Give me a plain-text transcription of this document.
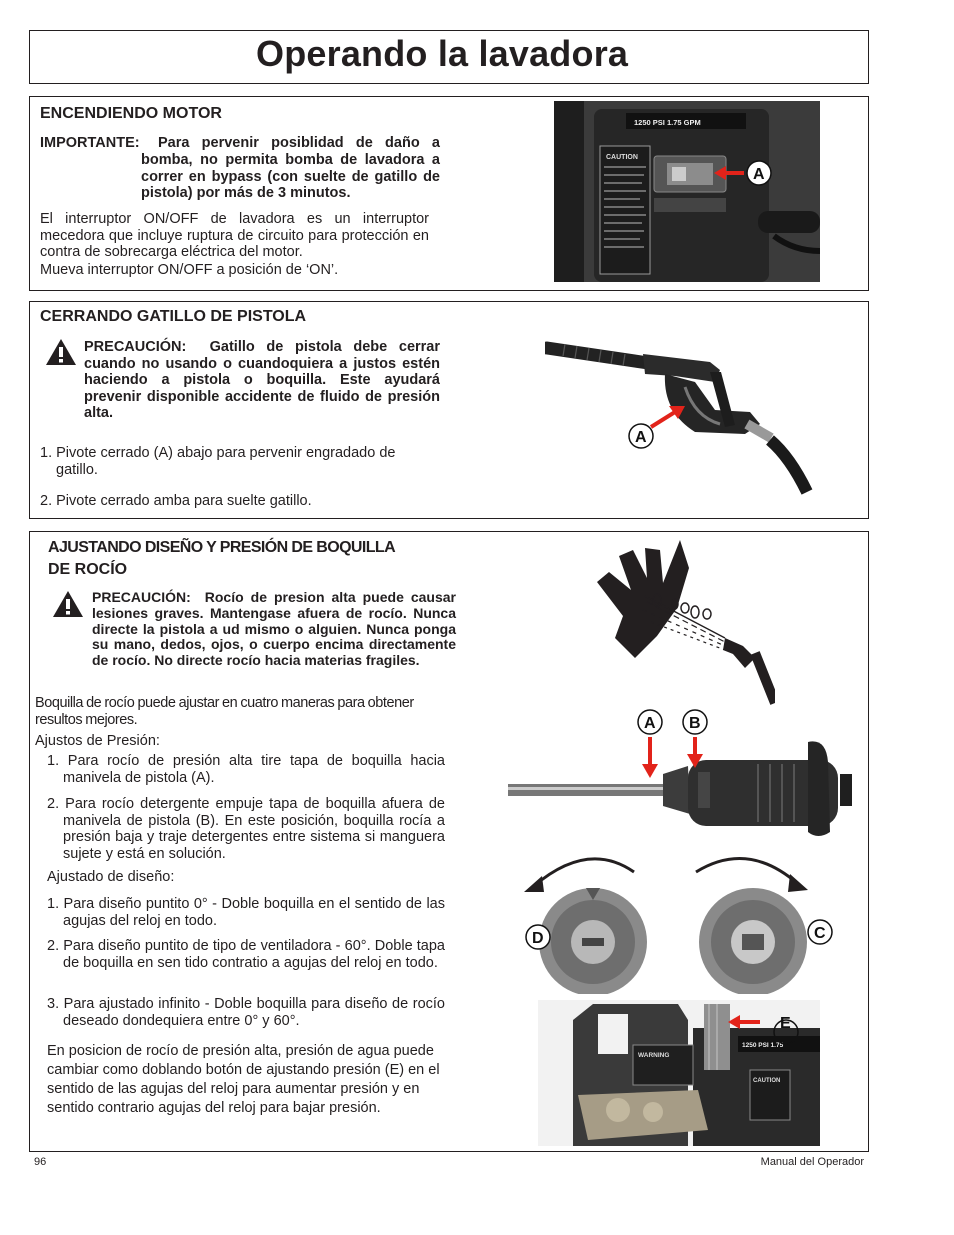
Operando la lavadora
ENCENDIENDO MOTOR
IMPORTANTE: Para pervenir posiblidad de daño a
bomba, no permita bomba de lavadora a correr en bypass (con suelte de gatillo de pistola) por más de 3 minutos.
El interruptor ON/OFF de lavadora es un interruptor mecedora que incluye ruptura de circuito para protección en contra de sobrecarga eléctrica del motor.
Mueva interruptor ON/OFF a posición de ‘ON’.
1250 PSI 1.75 GPM
CAUTION
A
CERRANDO GATILLO DE PISTOLA
PRECAUCIÓN: Gatillo de pistola debe cerrar cuando no usando o cuandoquiera a justos estén haciendo a pistola o boquilla. Este ayudará prevenir disponible accidente de fluido de presión alta.
1. Pivote cerrado (A) abajo para pervenir engradado de gatillo.
2. Pivote cerrado amba para suelte gatillo.
A
AJUSTANDO DISEÑO Y PRESIÓN DE BOQUILLA
DE ROCÍO
PRECAUCIÓN: Rocío de presion alta puede causar lesiones graves. Mantengase afuera de rocío. Nunca directe la pistola a ud mismo o alguien. Nunca ponga su mano, dedos, ojos, o cuerpo encima directamente de rocío. No directe rocío hacia materias fragiles.
Boquilla de rocío puede ajustar en cuatro maneras para obtener resultos mejores.
Ajustos de Presión:
1. Para rocío de presión alta tire tapa de boquilla hacia manivela de pistola (A).
2. Para rocío detergente empuje tapa de boquilla afuera de manivela de pistola (B). En este posición, boquilla rocía a presión baja y traje detergentes entre sistema si manguera sujete y está en solución.
Ajustado de diseño:
1. Para diseño puntito 0° - Doble boquilla en el sentido de las agujas del reloj en todo.
2. Para diseño puntito de tipo de ventiladora - 60°. Doble tapa de boquilla en sen tido contratio a agujas del reloj en todo.
3. Para ajustado infinito - Doble boquilla para diseño de rocío deseado dondequiera entre 0° y 60°.
En posicion de rocío de presión alta, presión de agua puede cambiar como doblando botón de ajustando presión (E) en el sentido de las agujas del reloj para aumentar presión y en sentido contrario agujas del reloj para bajar presión.
A B
D	C
WARNING
1250 PSI 1.75
CAUTION
E
96	Manual del Operador
